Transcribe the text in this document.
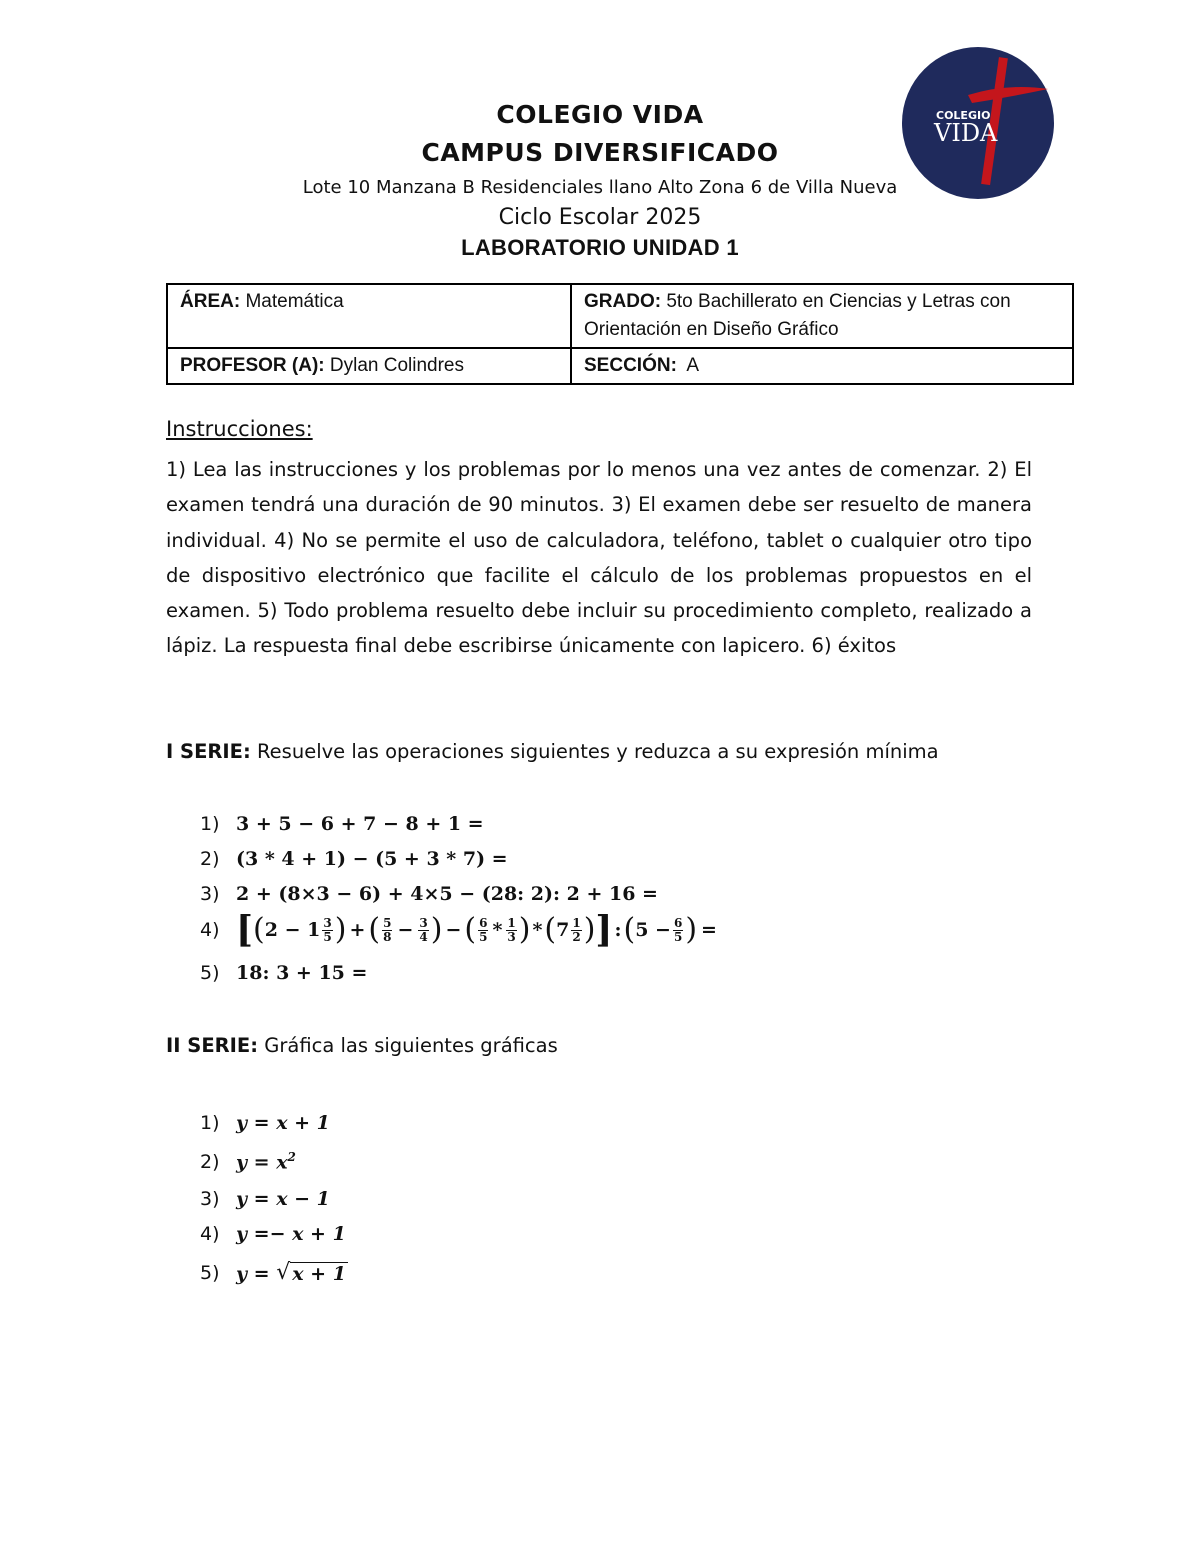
COLEGIO VIDA
CAMPUS DIVERSIFICADO
Lote 10 Manzana B Residenciales llano Alto Zona 6 de Villa Nueva
Ciclo Escolar 2025
LABORATORIO UNIDAD 1
COLEGIO
VIDA
ÁREA: Matemática	GRADO: 5to Bachillerato en Ciencias y Letras con Orientación en Diseño Gráfico
PROFESOR (A): Dylan Colindres	SECCIÓN:  A
Instrucciones:
1) Lea las instrucciones y los problemas por lo menos una vez antes de comenzar. 2) El examen tendrá una duración de 90 minutos. 3) El examen debe ser resuelto de manera individual. 4) No se permite el uso de calculadora, teléfono, tablet o cualquier otro tipo de dispositivo electrónico que facilite el cálculo de los problemas propuestos en el examen. 5) Todo problema resuelto debe incluir su procedimiento completo, realizado a lápiz. La respuesta final debe escribirse únicamente con lapicero. 6) éxitos
I SERIE: Resuelve las operaciones siguientes y reduzca a su expresión mínima
1) 3 + 5 − 6 + 7 − 8 + 1 =
2) (3 * 4 + 1) − (5 + 3 * 7) =
3) 2 + (8×3 − 6) + 4×5 − (28: 2): 2 + 16 =
4) [ ( $2 - 1 \frac{3}{5}$ ) + ( $\frac{5}{8} - \frac{3}{4}$ ) − ( $\frac{6}{5} * \frac{1}{3}$ ) * ( $7 \frac{1}{2}$ ) ] : ( $5 - \frac{6}{5}$ ) =
5) 18: 3 + 15 =
II SERIE: Gráfica las siguientes gráficas
1) y = x + 1
2) $y = x^2$
3) y = x − 1
4) y =− x + 1
5) y = √ x + 1
